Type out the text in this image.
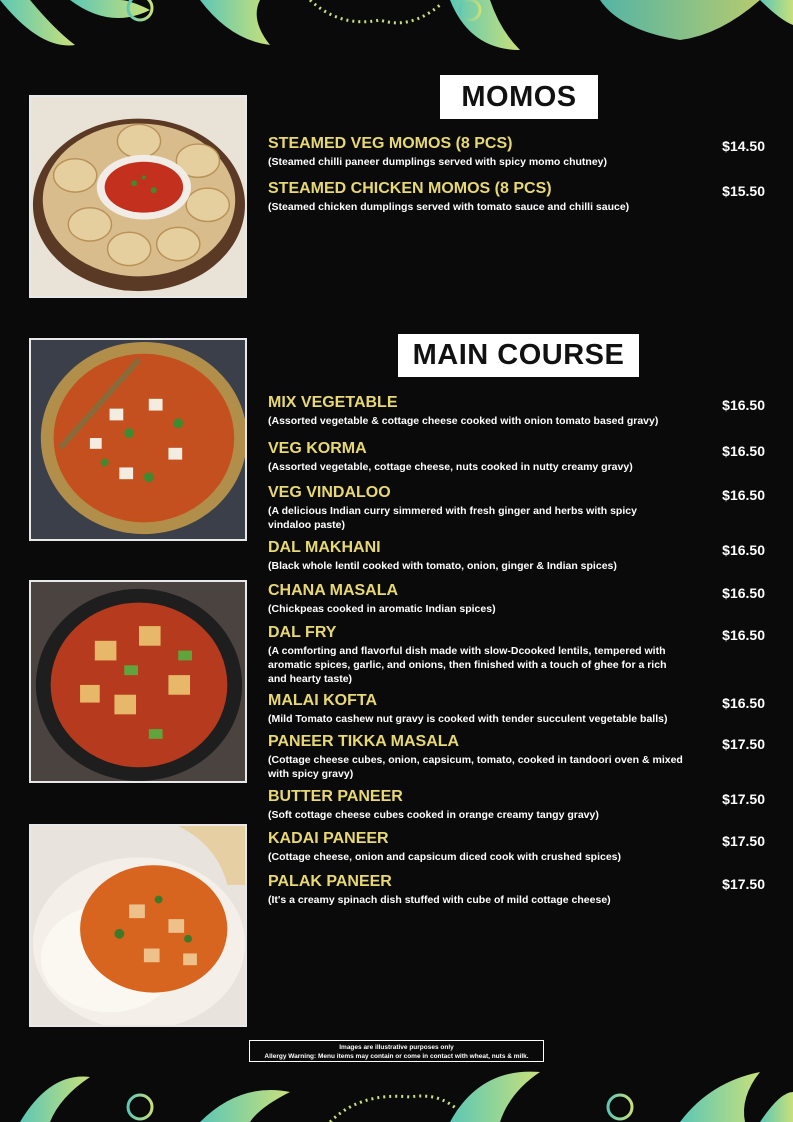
MOMOS
MAIN COURSE
STEAMED VEG MOMOS (8 PCS)
(Steamed chilli paneer dumplings served with spicy momo chutney)
$14.50
STEAMED CHICKEN MOMOS (8 PCS)
(Steamed chicken dumplings served with tomato sauce and chilli sauce)
$15.50
MIX VEGETABLE
(Assorted vegetable & cottage cheese cooked with onion tomato based gravy)
$16.50
VEG KORMA
(Assorted vegetable, cottage cheese, nuts cooked in nutty creamy gravy)
$16.50
VEG VINDALOO
(A delicious Indian curry simmered with fresh ginger and herbs with spicy vindaloo paste)
$16.50
DAL MAKHANI
(Black whole lentil cooked with tomato, onion, ginger & Indian spices)
$16.50
CHANA MASALA
(Chickpeas cooked in aromatic Indian spices)
$16.50
DAL FRY
(A comforting and flavorful dish made with slow-Dcooked lentils, tempered with aromatic spices, garlic, and onions, then finished with a touch of ghee for a rich and hearty taste)
$16.50
MALAI KOFTA
(Mild Tomato cashew nut gravy is cooked with tender succulent vegetable balls)
$16.50
PANEER TIKKA MASALA
(Cottage cheese cubes, onion, capsicum, tomato, cooked in tandoori oven & mixed with spicy gravy)
$17.50
BUTTER PANEER
(Soft cottage cheese cubes cooked in orange creamy tangy gravy)
$17.50
KADAI PANEER
(Cottage cheese, onion and capsicum diced cook with crushed spices)
$17.50
PALAK PANEER
(It's a creamy spinach dish stuffed with cube of mild cottage cheese)
$17.50
Images are illustrative purposes only
Allergy Warning: Menu items may contain or come in contact with wheat, nuts & milk.
